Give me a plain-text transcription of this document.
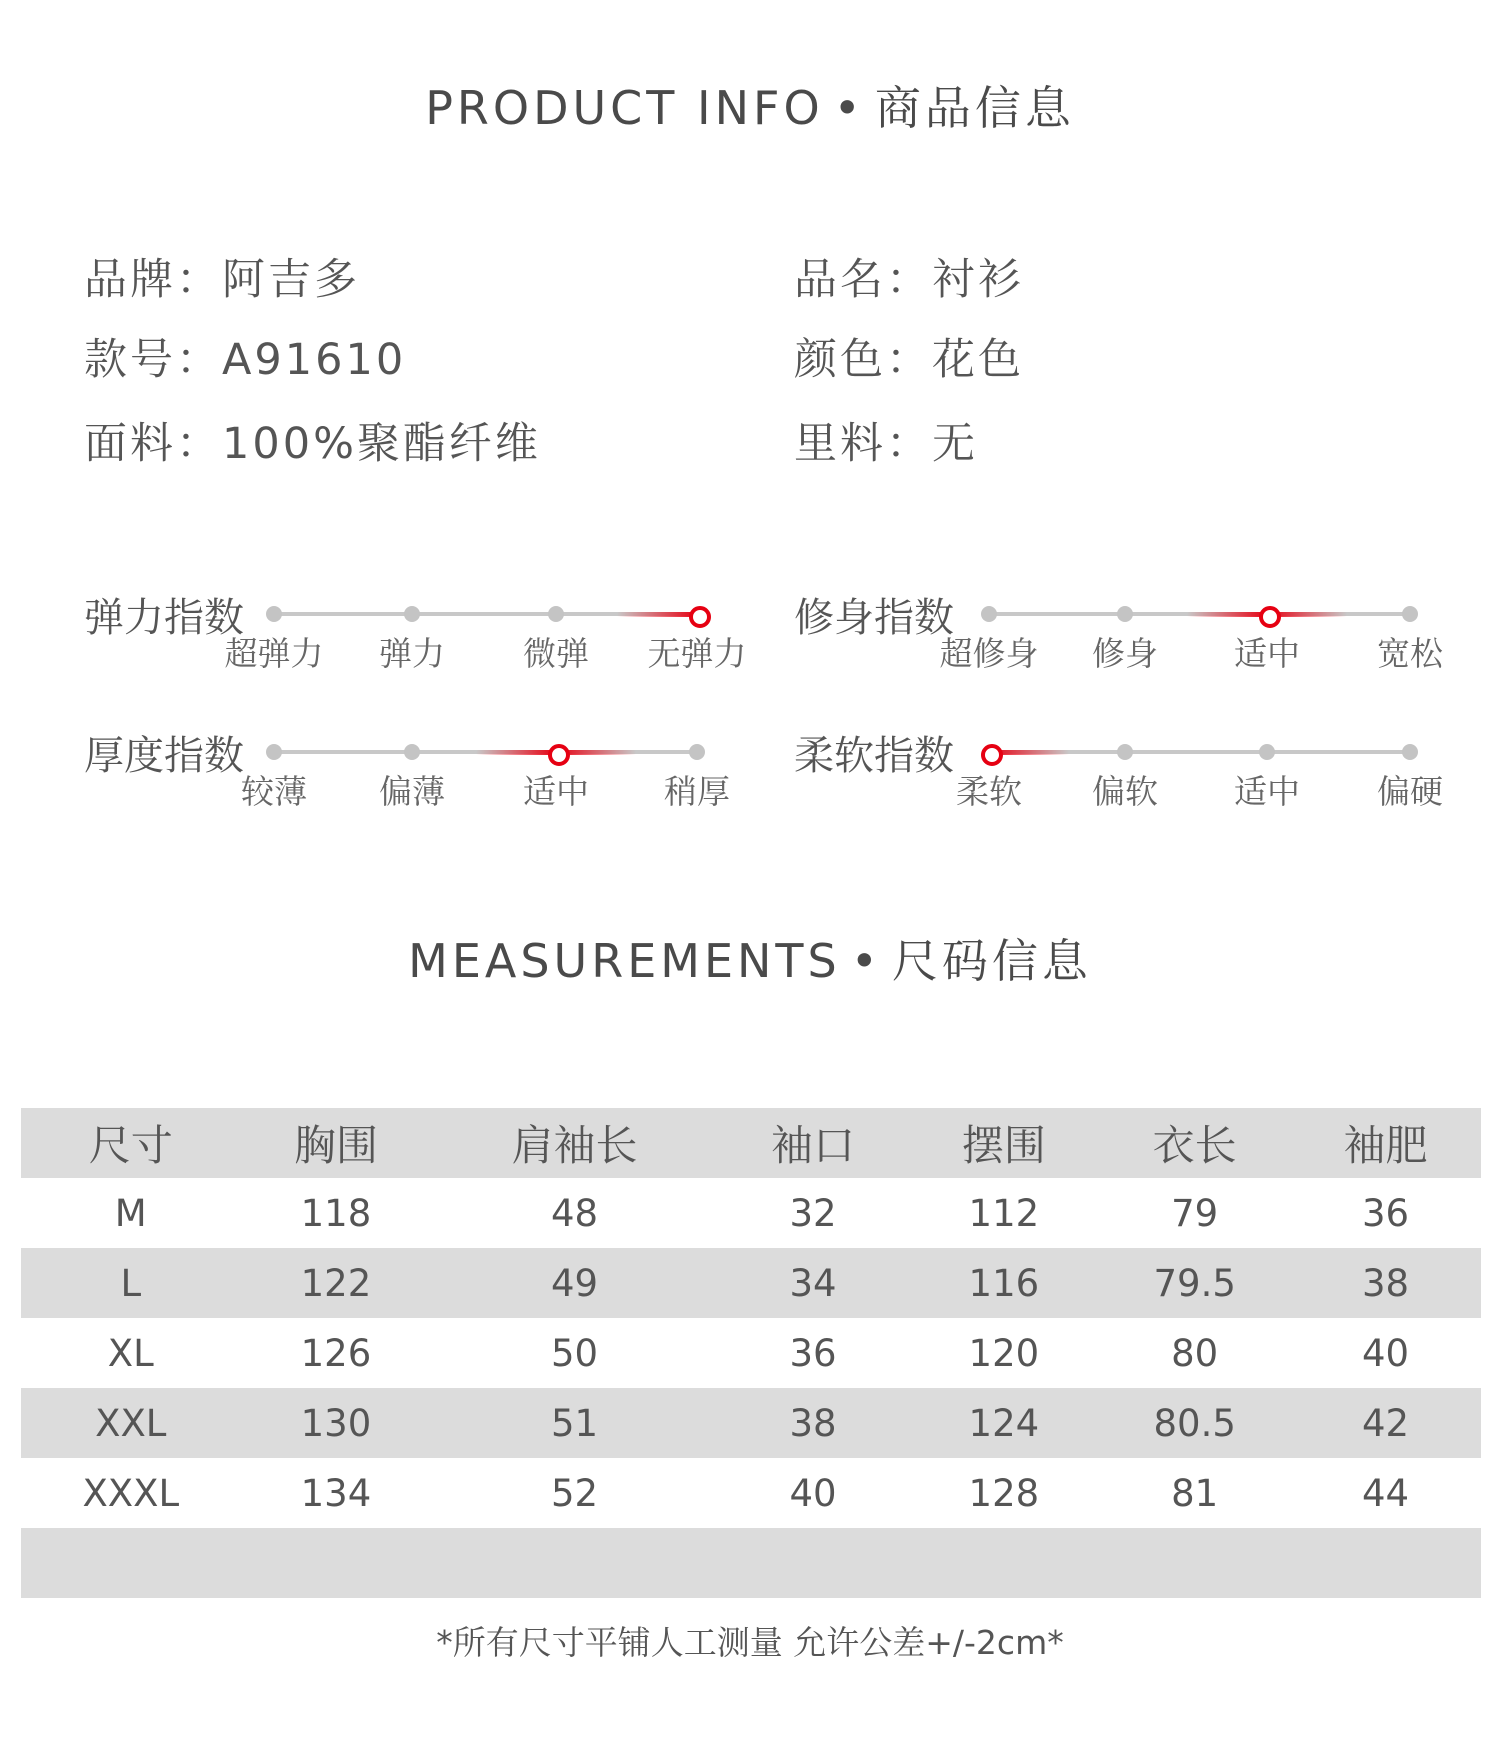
PRODUCT INFO • 商品信息
品牌：阿吉多	品名：衬衫
款号：A91610	颜色：花色
面料：100%聚酯纤维	里料：无
弹力指数
超弹力 弹力 微弹 无弹力
修身指数
超修身 修身 适中 宽松
厚度指数
较薄 偏薄 适中 稍厚
柔软指数
柔软 偏软 适中 偏硬
MEASUREMENTS • 尺码信息
尺寸	胸围	肩袖长	袖口	摆围	衣长	袖肥
M	118	48	32	112	79	36
L	122	49	34	116	79.5	38
XL	126	50	36	120	80	40
XXL	130	51	38	124	80.5	42
XXXL	134	52	40	128	81	44

*所有尺寸平铺人工测量 允许公差+/-2cm*
